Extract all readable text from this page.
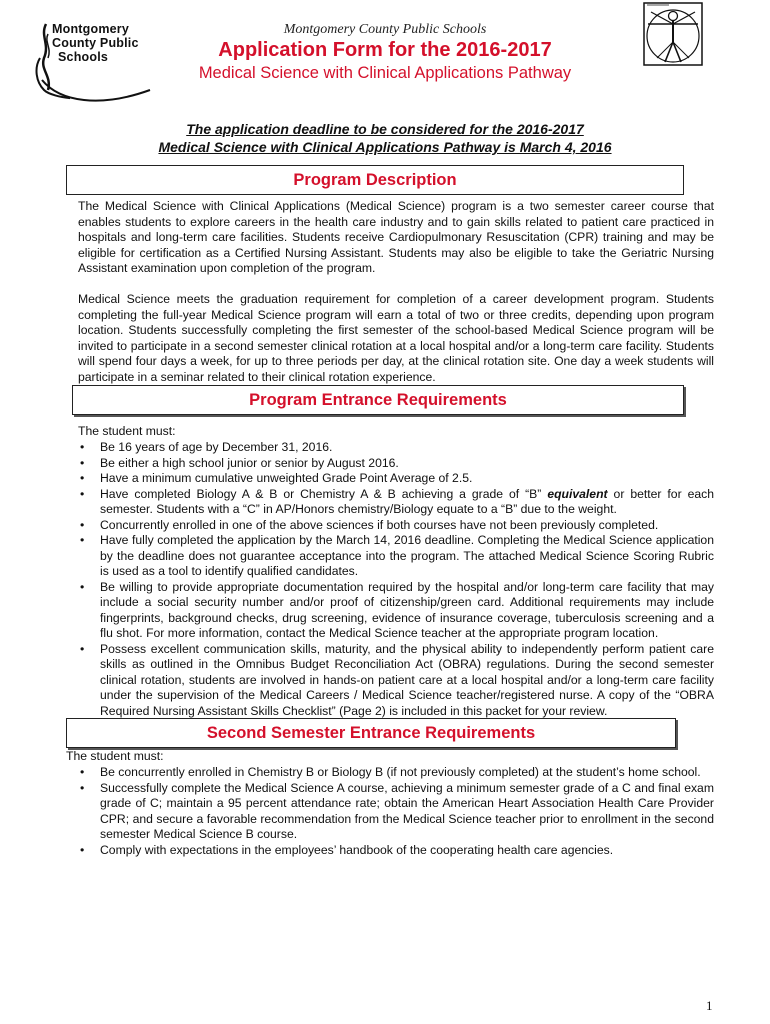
Montgomery
County Public
Schools
Montgomery County Public Schools
Application Form for the 2016-2017
Medical Science with Clinical Applications Pathway
The application deadline to be considered for the 2016-2017
Medical Science with Clinical Applications Pathway is March 4, 2016
Program Description

The Medical Science with Clinical Applications (Medical Science) program is a two semester career course that enables students to explore careers in the health care industry and to gain skills related to patient care practiced in hospitals and long-term care facilities. Students receive Cardiopulmonary Resuscitation (CPR) training and may be eligible for certification as a Certified Nursing Assistant. Students may also be eligible to take the Geriatric Nursing Assistant examination upon completion of the program.

Medical Science meets the graduation requirement for completion of a career development program. Students completing the full-year Medical Science program will earn a total of two or three credits, depending upon program location. Students successfully completing the first semester of the school-based Medical Science program will be invited to participate in a second semester clinical rotation at a local hospital and/or a long-term care facility. Students will spend four days a week, for up to three periods per day, at the clinical rotation site. One day a week students will participate in a seminar related to their clinical rotation experience.

Program Entrance Requirements
The student must:
• Be 16 years of age by December 31, 2016.
• Be either a high school junior or senior by August 2016.
• Have a minimum cumulative unweighted Grade Point Average of 2.5.
• Have completed Biology A & B or Chemistry A & B achieving a grade of “B” equivalent or better for each semester. Students with a “C” in AP/Honors chemistry/Biology equate to a “B” due to the weight.
• Concurrently enrolled in one of the above sciences if both courses have not been previously completed.
• Have fully completed the application by the March 14, 2016 deadline. Completing the Medical Science application by the deadline does not guarantee acceptance into the program. The attached Medical Science Scoring Rubric is used as a tool to identify qualified candidates.
• Be willing to provide appropriate documentation required by the hospital and/or long-term care facility that may include a social security number and/or proof of citizenship/green card. Additional requirements may include fingerprints, background checks, drug screening, evidence of insurance coverage, tuberculosis screening and a flu shot. For more information, contact the Medical Science teacher at the appropriate program location.
• Possess excellent communication skills, maturity, and the physical ability to independently perform patient care skills as outlined in the Omnibus Budget Reconciliation Act (OBRA) regulations. During the second semester clinical rotation, students are involved in hands-on patient care at a local hospital and/or a long-term care facility under the supervision of the Medical Careers / Medical Science teacher/registered nurse. A copy of the “OBRA Required Nursing Assistant Skills Checklist” (Page 2) is included in this packet for your review.
Second Semester Entrance Requirements
The student must:
• Be concurrently enrolled in Chemistry B or Biology B (if not previously completed) at the student’s home school.
• Successfully complete the Medical Science A course, achieving a minimum semester grade of a C and final exam grade of C; maintain a 95 percent attendance rate; obtain the American Heart Association Health Care Provider CPR; and secure a favorable recommendation from the Medical Science teacher prior to enrollment in the second semester Medical Science B course.
• Comply with expectations in the employees’ handbook of the cooperating health care agencies.
1
